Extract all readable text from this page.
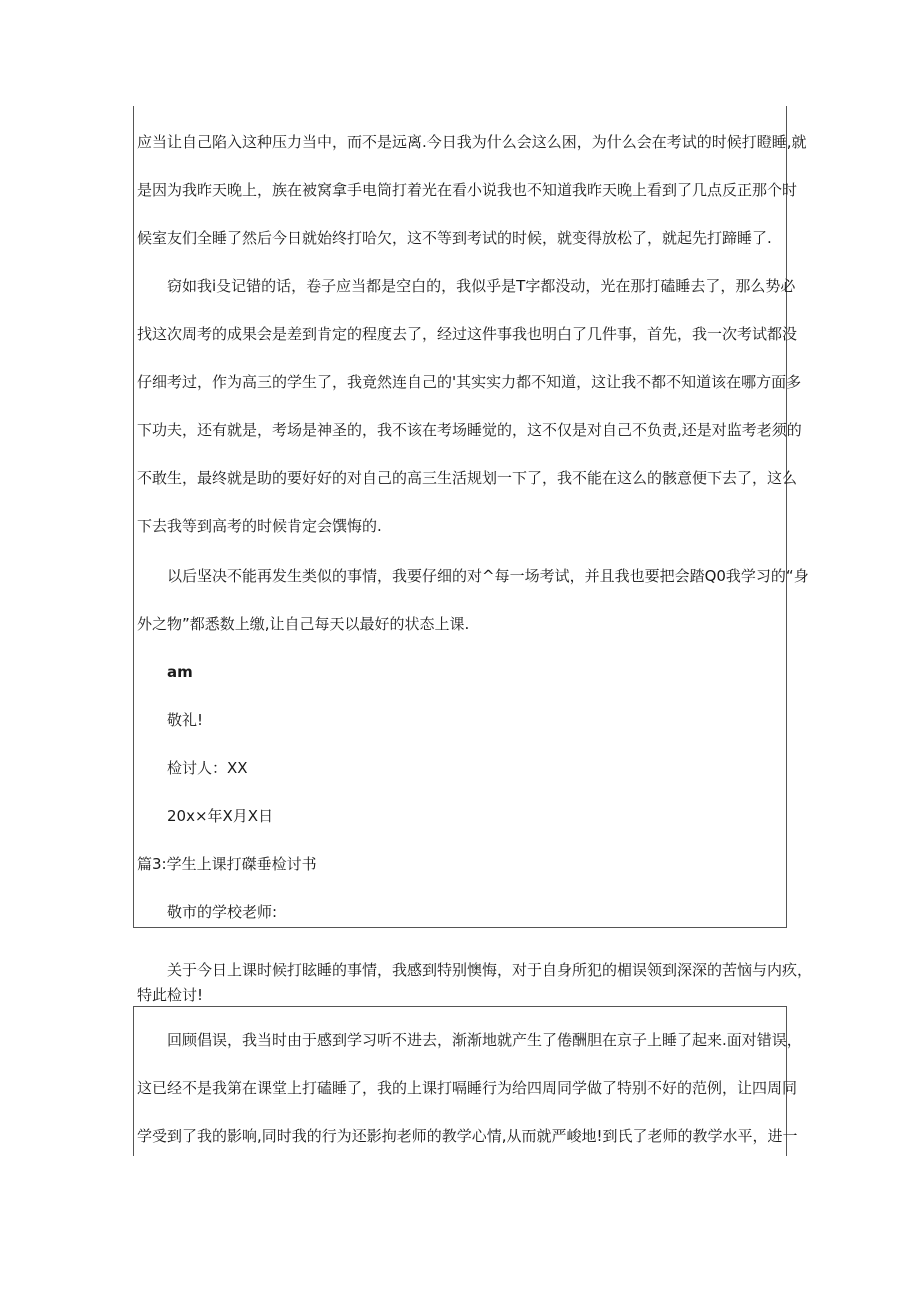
应当让自己陷入这种压力当中，而不是远离.今日我为什么会这么困，为什么会在考试的时候打瞪睡,就
是因为我昨天晚上，族在被窝拿手电筒打着光在看小说我也不知道我昨天晚上看到了几点反正那个时
候室友们全睡了然后今日就始终打哈欠，这不等到考试的时候，就变得放松了，就起先打蹄睡了.
窃如我i殳记错的话，卷子应当都是空白的，我似乎是T字都没动，光在那打磕睡去了，那么势必
找这次周考的成果会是差到肯定的程度去了，经过这件事我也明白了几件事，首先，我一次考试都没
仔细考过，作为高三的学生了，我竟然连自己的'其实实力都不知道，这让我不都不知道该在哪方面多
下功夫，还有就是，考场是神圣的，我不该在考场睡觉的，这不仅是对自己不负责,还是对监考老须的
不敢生，最终就是助的要好好的对自己的高三生活规划一下了，我不能在这么的骸意便下去了，这么
下去我等到高考的时候肯定会馔悔的.
以后坚决不能再发生类似的事情，我要仔细的对^每一场考试，并且我也要把会踏Q0我学习的“身
外之物”都悉数上缴,让自己每天以最好的状态上课.
am
敬礼!
检讨人：XX
20x×年X月X日
篇3:学生上课打磔垂检讨书
敬市的学校老师:
关于今日上课时候打眩睡的事情，我感到特别懊悔，对于自身所犯的楣误领到深深的苦恼与内疚，
特此检讨!
回顾倡误，我当时由于感到学习听不进去，渐渐地就产生了倦酬胆在京子上睡了起来.面对错误，
这已经不是我第在课堂上打磕睡了，我的上课打嗝睡行为给四周同学做了特别不好的范例，让四周同
学受到了我的影响,同时我的行为还影拘老师的教学心情,从而就严峻地!到氏了老师的教学水平，进一
